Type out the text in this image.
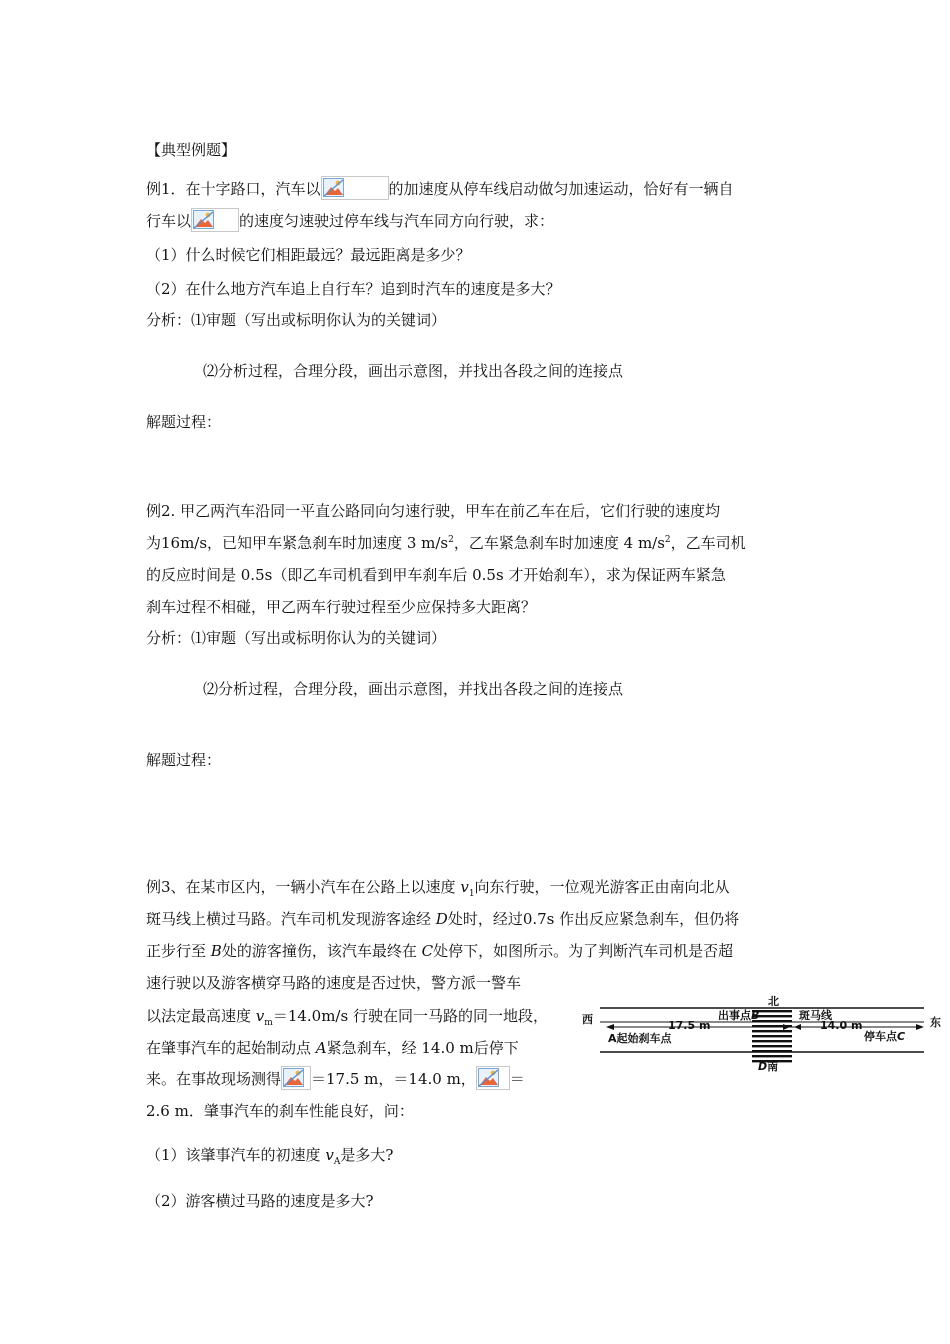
【典型例题】
例1．在十字路口，汽车以	的加速度从停车线启动做匀加速运动，恰好有一辆自
行车以	的速度匀速驶过停车线与汽车同方向行驶，求：
（1）什么时候它们相距最远？最远距离是多少？
（2）在什么地方汽车追上自行车？追到时汽车的速度是多大？
分析：⑴审题（写出或标明你认为的关键词）
⑵分析过程，合理分段，画出示意图，并找出各段之间的连接点
解题过程：
例2. 甲乙两汽车沿同一平直公路同向匀速行驶，甲车在前乙车在后，它们行驶的速度均
为16m/s，已知甲车紧急刹车时加速度 3 $m/s^2$，乙车紧急刹车时加速度 4 $m/s^2$，乙车司机
的反应时间是 0.5s（即乙车司机看到甲车刹车后 0.5s 才开始刹车），求为保证两车紧急
刹车过程不相碰，甲乙两车行驶过程至少应保持多大距离？
分析：⑴审题（写出或标明你认为的关键词）
⑵分析过程，合理分段，画出示意图，并找出各段之间的连接点
解题过程：
例3、在某市区内，一辆小汽车在公路上以速度 $v_1$向东行驶，一位观光游客正由南向北从
斑马线上横过马路。汽车司机发现游客途经 D处时，经过0.7s 作出反应紧急刹车，但仍将
正步行至 B处的游客撞伤，该汽车最终在 C处停下，如图所示。为了判断汽车司机是否超
速行驶以及游客横穿马路的速度是否过快，警方派一警车
以法定最高速度 $v_m=14.0m/s$ 行驶在同一马路的同一地段，
在肇事汽车的起始制动点 A紧急刹车，经 14.0 m后停下
来。在事故现场测得 ＝17.5 m，＝14.0 m， ＝
2.6 m．肇事汽车的刹车性能良好，问：
（1）该肇事汽车的初速度 $v_A$是多大?
（2）游客横过马路的速度是多大?
北
斑马线
西	东
17.5 m
出事点B
14.0 m
A起始刹车点	停车点C
D南
